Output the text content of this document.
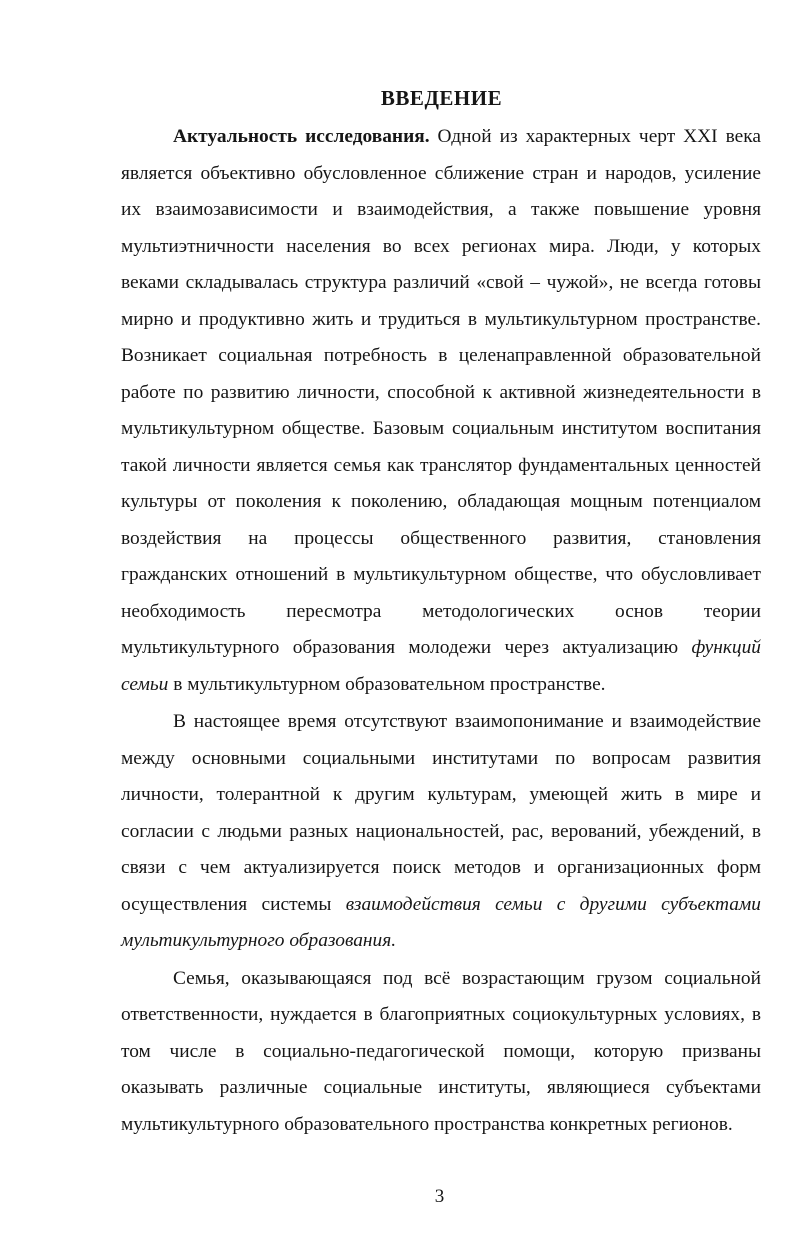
ВВЕДЕНИЕ

Актуальность исследования. Одной из характерных черт XXI века является объективно обусловленное сближение стран и народов, усиление их взаимозависимости и взаимодействия, а также повышение уровня мультиэтничности населения во всех регионах мира. Люди, у которых веками складывалась структура различий «свой – чужой», не всегда готовы мирно и продуктивно жить и трудиться в мультикультурном пространстве. Возникает социальная потребность в целенаправленной образовательной работе по развитию личности, способной к активной жизнедеятельности в мультикультурном обществе. Базовым социальным институтом воспитания такой личности является семья как транслятор фундаментальных ценностей культуры от поколения к поколению, обладающая мощным потенциалом воздействия на процессы общественного развития, становления гражданских отношений в мультикультурном обществе, что обусловливает необходимость пересмотра методологических основ теории мультикультурного образования молодежи через актуализацию функций семьи в мультикультурном образовательном пространстве.

В настоящее время отсутствуют взаимопонимание и взаимодействие между основными социальными институтами по вопросам развития личности, толерантной к другим культурам, умеющей жить в мире и согласии с людьми разных национальностей, рас, верований, убеждений, в связи с чем актуализируется поиск методов и организационных форм осуществления системы взаимодействия семьи с другими субъектами мультикультурного образования.

Семья, оказывающаяся под всё возрастающим грузом социальной ответственности, нуждается в благоприятных социокультурных условиях, в том числе в социально-педагогической помощи, которую призваны оказывать различные социальные институты, являющиеся субъектами мультикультурного образовательного пространства конкретных регионов.

3
